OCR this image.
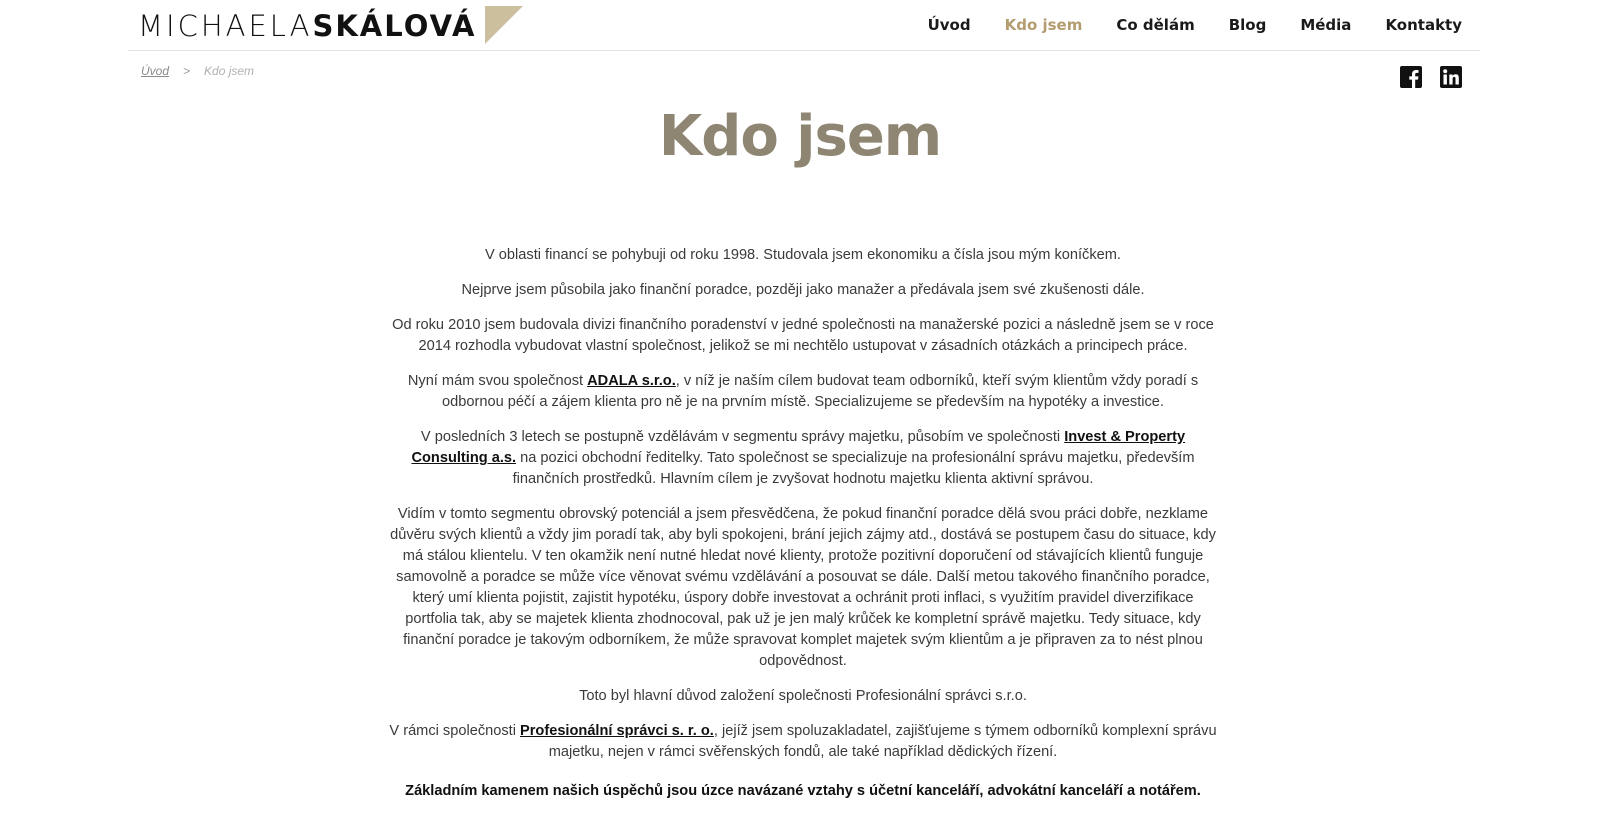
MICHAELA SKÁLOVÁ	Úvod Kdo jsem Co dělám Blog Média Kontakty
Úvod > Kdo jsem
Kdo jsem

V oblasti financí se pohybuji od roku 1998. Studovala jsem ekonomiku a čísla jsou mým koníčkem.

Nejprve jsem působila jako finanční poradce, později jako manažer a předávala jsem své zkušenosti dále.

Od roku 2010 jsem budovala divizi finančního poradenství v jedné společnosti na manažerské pozici a následně jsem se v roce 2014 rozhodla vybudovat vlastní společnost, jelikož se mi nechtělo ustupovat v zásadních otázkách a principech práce.

Nyní mám svou společnost ADALA s.r.o., v níž je naším cílem budovat team odborníků, kteří svým klientům vždy poradí s odbornou péčí a zájem klienta pro ně je na prvním místě. Specializujeme se především na hypotéky a investice.

V posledních 3 letech se postupně vzdělávám v segmentu správy majetku, působím ve společnosti Invest & Property Consulting a.s. na pozici obchodní ředitelky. Tato společnost se specializuje na profesionální správu majetku, především finančních prostředků. Hlavním cílem je zvyšovat hodnotu majetku klienta aktivní správou.

Vidím v tomto segmentu obrovský potenciál a jsem přesvědčena, že pokud finanční poradce dělá svou práci dobře, nezklame důvěru svých klientů a vždy jim poradí tak, aby byli spokojeni, brání jejich zájmy atd., dostává se postupem času do situace, kdy má stálou klientelu. V ten okamžik není nutné hledat nové klienty, protože pozitivní doporučení od stávajících klientů funguje samovolně a poradce se může více věnovat svému vzdělávání a posouvat se dále. Další metou takového finančního poradce, který umí klienta pojistit, zajistit hypotéku, úspory dobře investovat a ochránit proti inflaci, s využitím pravidel diverzifikace portfolia tak, aby se majetek klienta zhodnocoval, pak už je jen malý krůček ke kompletní správě majetku. Tedy situace, kdy finanční poradce je takovým odborníkem, že může spravovat komplet majetek svým klientům a je připraven za to nést plnou odpovědnost.

Toto byl hlavní důvod založení společnosti Profesionální správci s.r.o.

V rámci společnosti Profesionální správci s. r. o., jejíž jsem spoluzakladatel, zajišťujeme s týmem odborníků komplexní správu majetku, nejen v rámci svěřenských fondů, ale také například dědických řízení.

Základním kamenem našich úspěchů jsou úzce navázané vztahy s účetní kanceláří, advokátní kanceláří a notářem.
